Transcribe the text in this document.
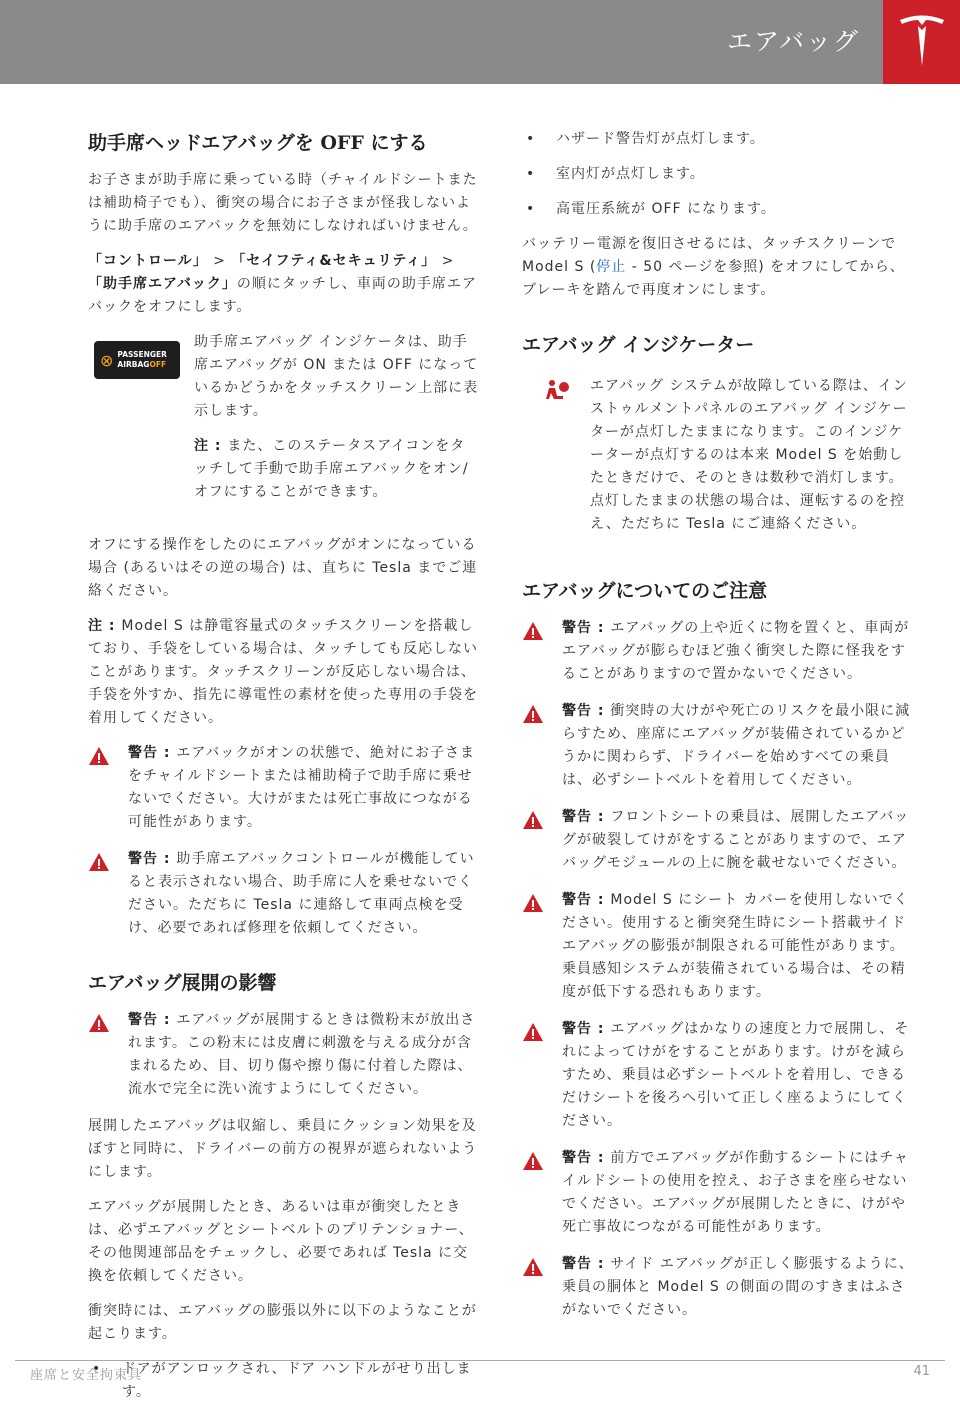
エアバッグ
助手席ヘッドエアバッグを OFF にする

お子さまが助手席に乗っている時（チャイルドシートまたは補助椅子でも）、衝突の場合にお子さまが怪我しないように助手席のエアバックを無効にしなければいけません。

「コントロール」 > 「セイフティ&セキュリティ」 > 「助手席エアバック」の順にタッチし、車両の助手席エアバックをオフにします。

⊗ PASSENGER
AIRBAGOFF

助手席エアバッグ インジケータは、助手席エアバッグが ON または OFF になっているかどうかをタッチスクリーン上部に表示します。

注 : また、このステータスアイコンをタッチして手動で助手席エアバックをオン/オフにすることができます。

オフにする操作をしたのにエアバッグがオンになっている場合 (あるいはその逆の場合) は、直ちに Tesla までご連絡ください。

注 : Model S は静電容量式のタッチスクリーンを搭載しており、手袋をしている場合は、タッチしても反応しないことがあります。タッチスクリーンが反応しない場合は、手袋を外すか、指先に導電性の素材を使った専用の手袋を着用してください。

警告 : エアバックがオンの状態で、絶対にお子さまをチャイルドシートまたは補助椅子で助手席に乗せないでください。大けがまたは死亡事故につながる可能性があります。

警告 : 助手席エアバックコントロールが機能していると表示されない場合、助手席に人を乗せないでください。ただちに Tesla に連絡して車両点検を受け、必要であれば修理を依頼してください。

エアバッグ展開の影響

警告 : エアバッグが展開するときは微粉末が放出されます。この粉末には皮膚に刺激を与える成分が含まれるため、目、切り傷や擦り傷に付着した際は、流水で完全に洗い流すようにしてください。

展開したエアバッグは収縮し、乗員にクッション効果を及ぼすと同時に、ドライバーの前方の視界が遮られないようにします。

エアバッグが展開したとき、あるいは車が衝突したときは、必ずエアバッグとシートベルトのプリテンショナー、その他関連部品をチェックし、必要であれば Tesla に交換を依頼してください。

衝突時には、エアバッグの膨張以外に以下のようなことが起こります。

• ドアがアンロックされ、ドア ハンドルがせり出します。
• ハザード警告灯が点灯します。
• 室内灯が点灯します。
• 高電圧系統が OFF になります。

バッテリー電源を復旧させるには、タッチスクリーンで Model S (停止 - 50 ページを参照) をオフにしてから、ブレーキを踏んで再度オンにします。

エアバッグ インジケーター

エアバッグ システムが故障している際は、インストゥルメントパネルのエアバッグ インジケーターが点灯したままになります。このインジケーターが点灯するのは本来 Model S を始動したときだけで、そのときは数秒で消灯します。点灯したままの状態の場合は、運転するのを控え、ただちに Tesla にご連絡ください。

エアバッグについてのご注意

警告 : エアバッグの上や近くに物を置くと、車両がエアバッグが膨らむほど強く衝突した際に怪我をすることがありますので置かないでください。

警告 : 衝突時の大けがや死亡のリスクを最小限に減らすため、座席にエアバッグが装備されているかどうかに関わらず、ドライバーを始めすべての乗員は、必ずシートベルトを着用してください。

警告 : フロントシートの乗員は、展開したエアバッグが破裂してけがをすることがありますので、エアバッグモジュールの上に腕を載せないでください。

警告 : Model S にシート カバーを使用しないでください。使用すると衝突発生時にシート搭載サイド エアバッグの膨張が制限される可能性があります。乗員感知システムが装備されている場合は、その精度が低下する恐れもあります。

警告 : エアバッグはかなりの速度と力で展開し、それによってけがをすることがあります。けがを減らすため、乗員は必ずシートベルトを着用し、できるだけシートを後ろへ引いて正しく座るようにしてください。

警告 : 前方でエアバッグが作動するシートにはチャイルドシートの使用を控え、お子さまを座らせないでください。エアバッグが展開したときに、けがや死亡事故につながる可能性があります。

警告 : サイド エアバッグが正しく膨張するように、乗員の胴体と Model S の側面の間のすきまはふさがないでください。

座席と安全拘束具	41
